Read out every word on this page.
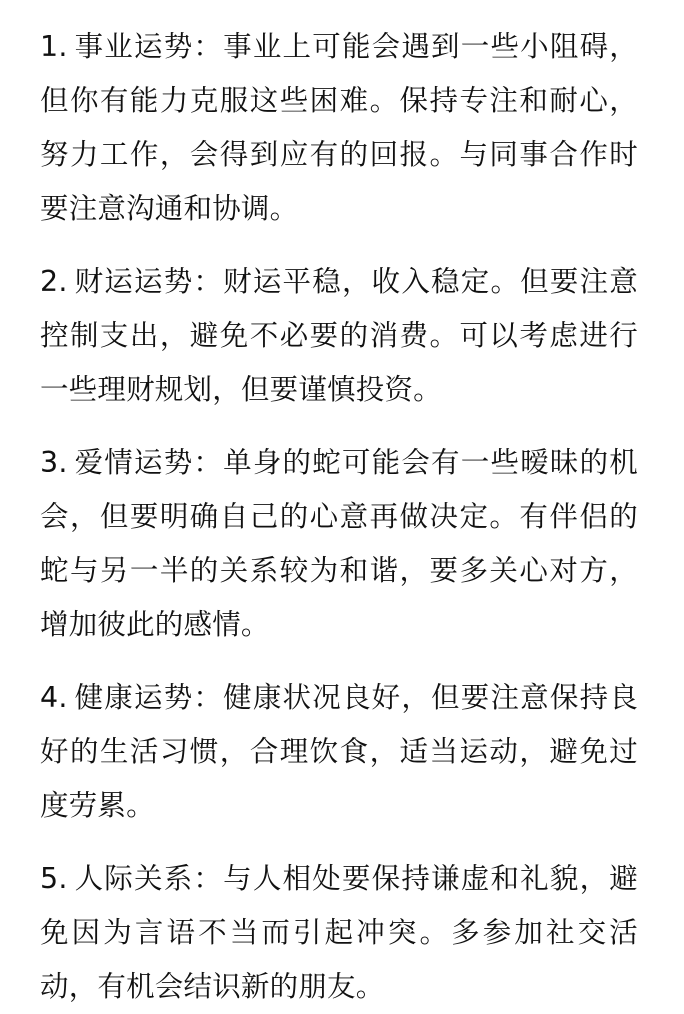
1. 事业运势：事业上可能会遇到一些小阻碍，但你有能力克服这些困难。保持专注和耐心，努力工作，会得到应有的回报。与同事合作时要注意沟通和协调。

2. 财运运势：财运平稳，收入稳定。但要注意控制支出，避免不必要的消费。可以考虑进行一些理财规划，但要谨慎投资。

3. 爱情运势：单身的蛇可能会有一些暧昧的机会，但要明确自己的心意再做决定。有伴侣的蛇与另一半的关系较为和谐，要多关心对方，增加彼此的感情。

4. 健康运势：健康状况良好，但要注意保持良好的生活习惯，合理饮食，适当运动，避免过度劳累。

5. 人际关系：与人相处要保持谦虚和礼貌，避免因为言语不当而引起冲突。多参加社交活动，有机会结识新的朋友。
